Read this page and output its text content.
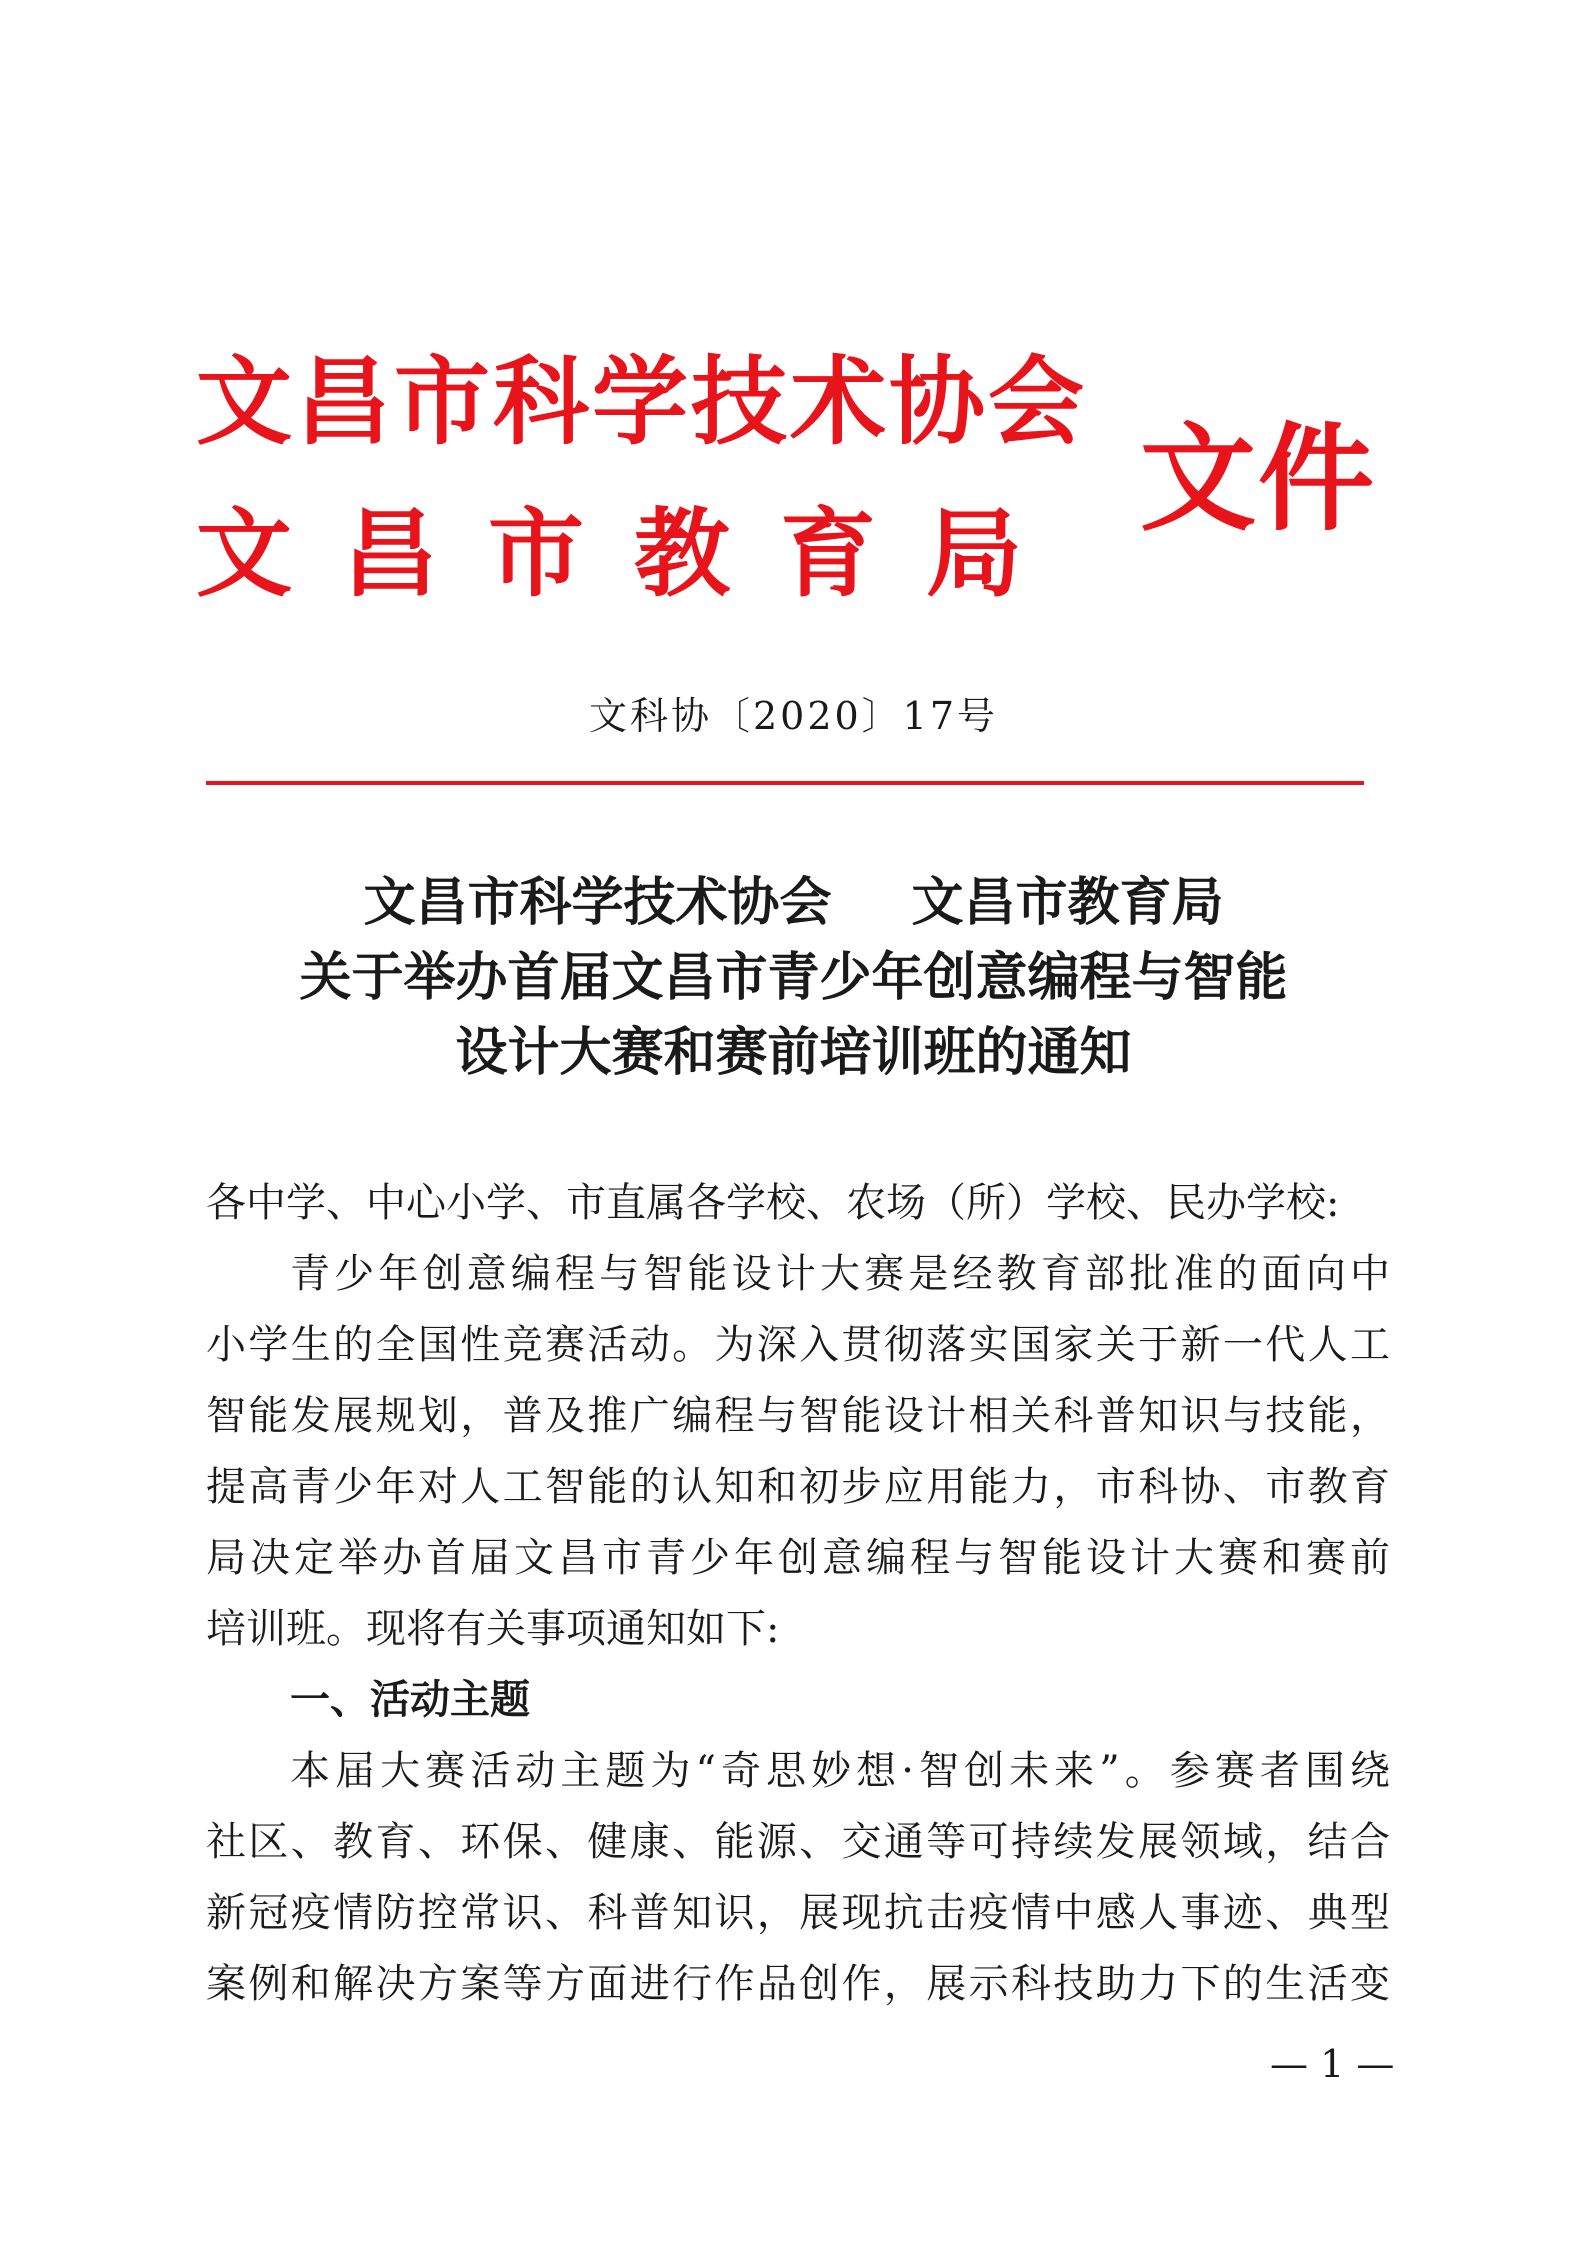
文昌市科学技术协会
文昌市教育局
文件
文科协〔2020〕17号
文昌市科学技术协会 文昌市教育局
关于举办首届文昌市青少年创意编程与智能
设计大赛和赛前培训班的通知
各中学、中心小学、市直属各学校、农场（所）学校、民办学校:
青少年创意编程与智能设计大赛是经教育部批准的面向中
小学生的全国性竞赛活动。为深入贯彻落实国家关于新一代人工
智能发展规划，普及推广编程与智能设计相关科普知识与技能，
提高青少年对人工智能的认知和初步应用能力，市科协、市教育
局决定举办首届文昌市青少年创意编程与智能设计大赛和赛前
培训班。现将有关事项通知如下:
一、活动主题
本届大赛活动主题为“奇思妙想·智创未来”。参赛者围绕
社区、教育、环保、健康、能源、交通等可持续发展领域，结合
新冠疫情防控常识、科普知识，展现抗击疫情中感人事迹、典型
案例和解决方案等方面进行作品创作，展示科技助力下的生活变
— 1 —
